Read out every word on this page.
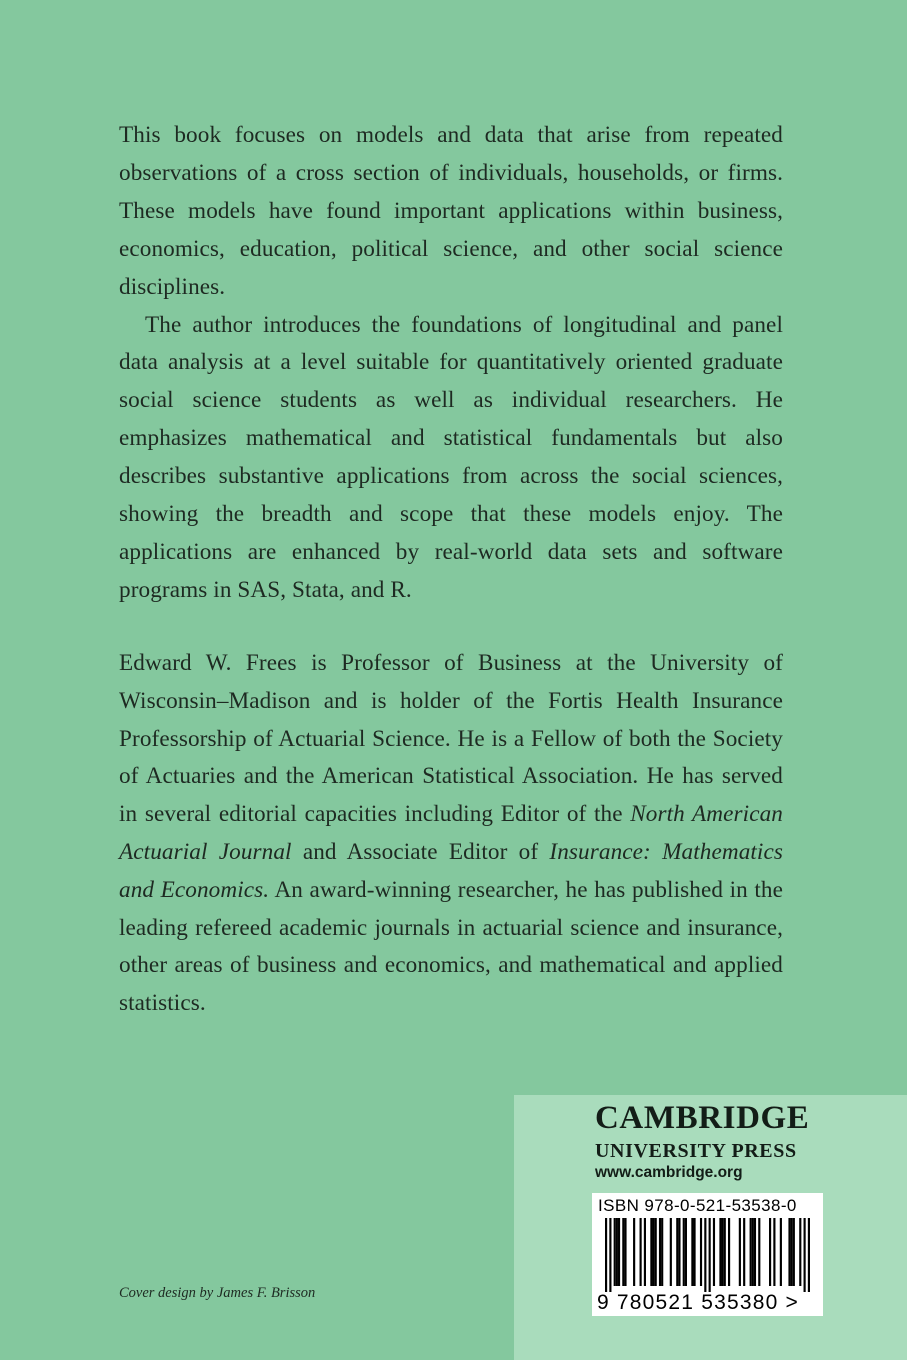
This book focuses on models and data that arise from repeated observations of a cross section of individuals, households, or firms. These models have found important applications within business, economics, education, political science, and other social science disciplines.

The author introduces the foundations of longitudinal and panel data analysis at a level suitable for quantitatively oriented graduate social science students as well as individual researchers. He emphasizes mathematical and statistical fundamentals but also describes substantive applications from across the social sciences, showing the breadth and scope that these models enjoy. The applications are enhanced by real-world data sets and software programs in SAS, Stata, and R.

Edward W. Frees is Professor of Business at the University of Wisconsin–Madison and is holder of the Fortis Health Insurance Professorship of Actuarial Science. He is a Fellow of both the Society of Actuaries and the American Statistical Association. He has served in several editorial capacities including Editor of the North American Actuarial Journal and Associate Editor of Insurance: Mathematics and Economics. An award-winning researcher, he has published in the leading refereed academic journals in actuarial science and insurance, other areas of business and economics, and mathematical and applied statistics.

Cover design by James F. Brisson
CAMBRIDGE
UNIVERSITY PRESS
www.cambridge.org
ISBN 978-0-521-53538-0
9 780521 535380 >
